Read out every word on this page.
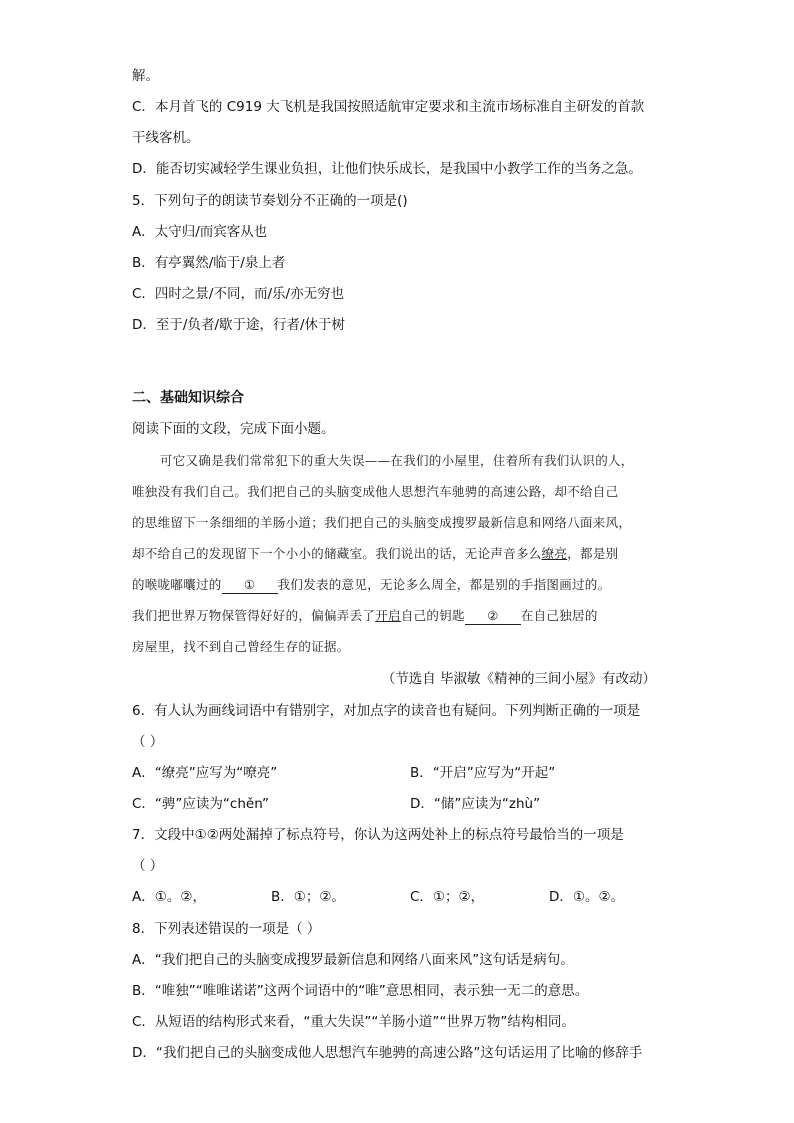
解。
C．本月首飞的 C919 大飞机是我国按照适航审定要求和主流市场标准自主研发的首款
干线客机。
D．能否切实减轻学生课业负担，让他们快乐成长，是我国中小教学工作的当务之急。
5．下列句子的朗读节奏划分不正确的一项是()
A．太守归/而宾客从也
B．有亭翼然/临于/泉上者
C．四时之景/不同，而/乐/亦无穷也
D．至于/负者/歇于途，行者/休于树
二、基础知识综合
阅读下面的文段，完成下面小题。
可它又确是我们常常犯下的重大失误——在我们的小屋里，住着所有我们认识的人，
唯独没有我们自己。我们把自己的头脑变成他人思想汽车驰骋的高速公路，却不给自己
的思维留下一条细细的羊肠小道；我们把自己的头脑变成搜罗最新信息和网络八面来风，
却不给自己的发现留下一个小小的储藏室。我们说出的话，无论声音多么缭亮，都是别
的喉咙嘟囔过的 ① 我们发表的意见，无论多么周全，都是别的手指图画过的。
我们把世界万物保管得好好的，偏偏弄丢了开启自己的钥匙 ② 在自己独居的
房屋里，找不到自己曾经生存的证据。
（节选自 毕淑敏《精神的三间小屋》有改动）
6．有人认为画线词语中有错别字，对加点字的读音也有疑问。下列判断正确的一项是
（ ）
A．“缭亮”应写为“嘹亮”	B．“开启”应写为“开起”
C．“骋”应读为“chěn”	D．“储”应读为“zhù”
7．文段中①②两处漏掉了标点符号，你认为这两处补上的标点符号最恰当的一项是
（ ）
A．①。②，	B．①；②。	C．①；②，	D．①。②。
8．下列表述错误的一项是（ ）
A．“我们把自己的头脑变成搜罗最新信息和网络八面来风”这句话是病句。
B．“唯独”“唯唯诺诺”这两个词语中的“唯”意思相同，表示独一无二的意思。
C．从短语的结构形式来看，“重大失误”“羊肠小道”“世界万物”结构相同。
D．“我们把自己的头脑变成他人思想汽车驰骋的高速公路”这句话运用了比喻的修辞手
